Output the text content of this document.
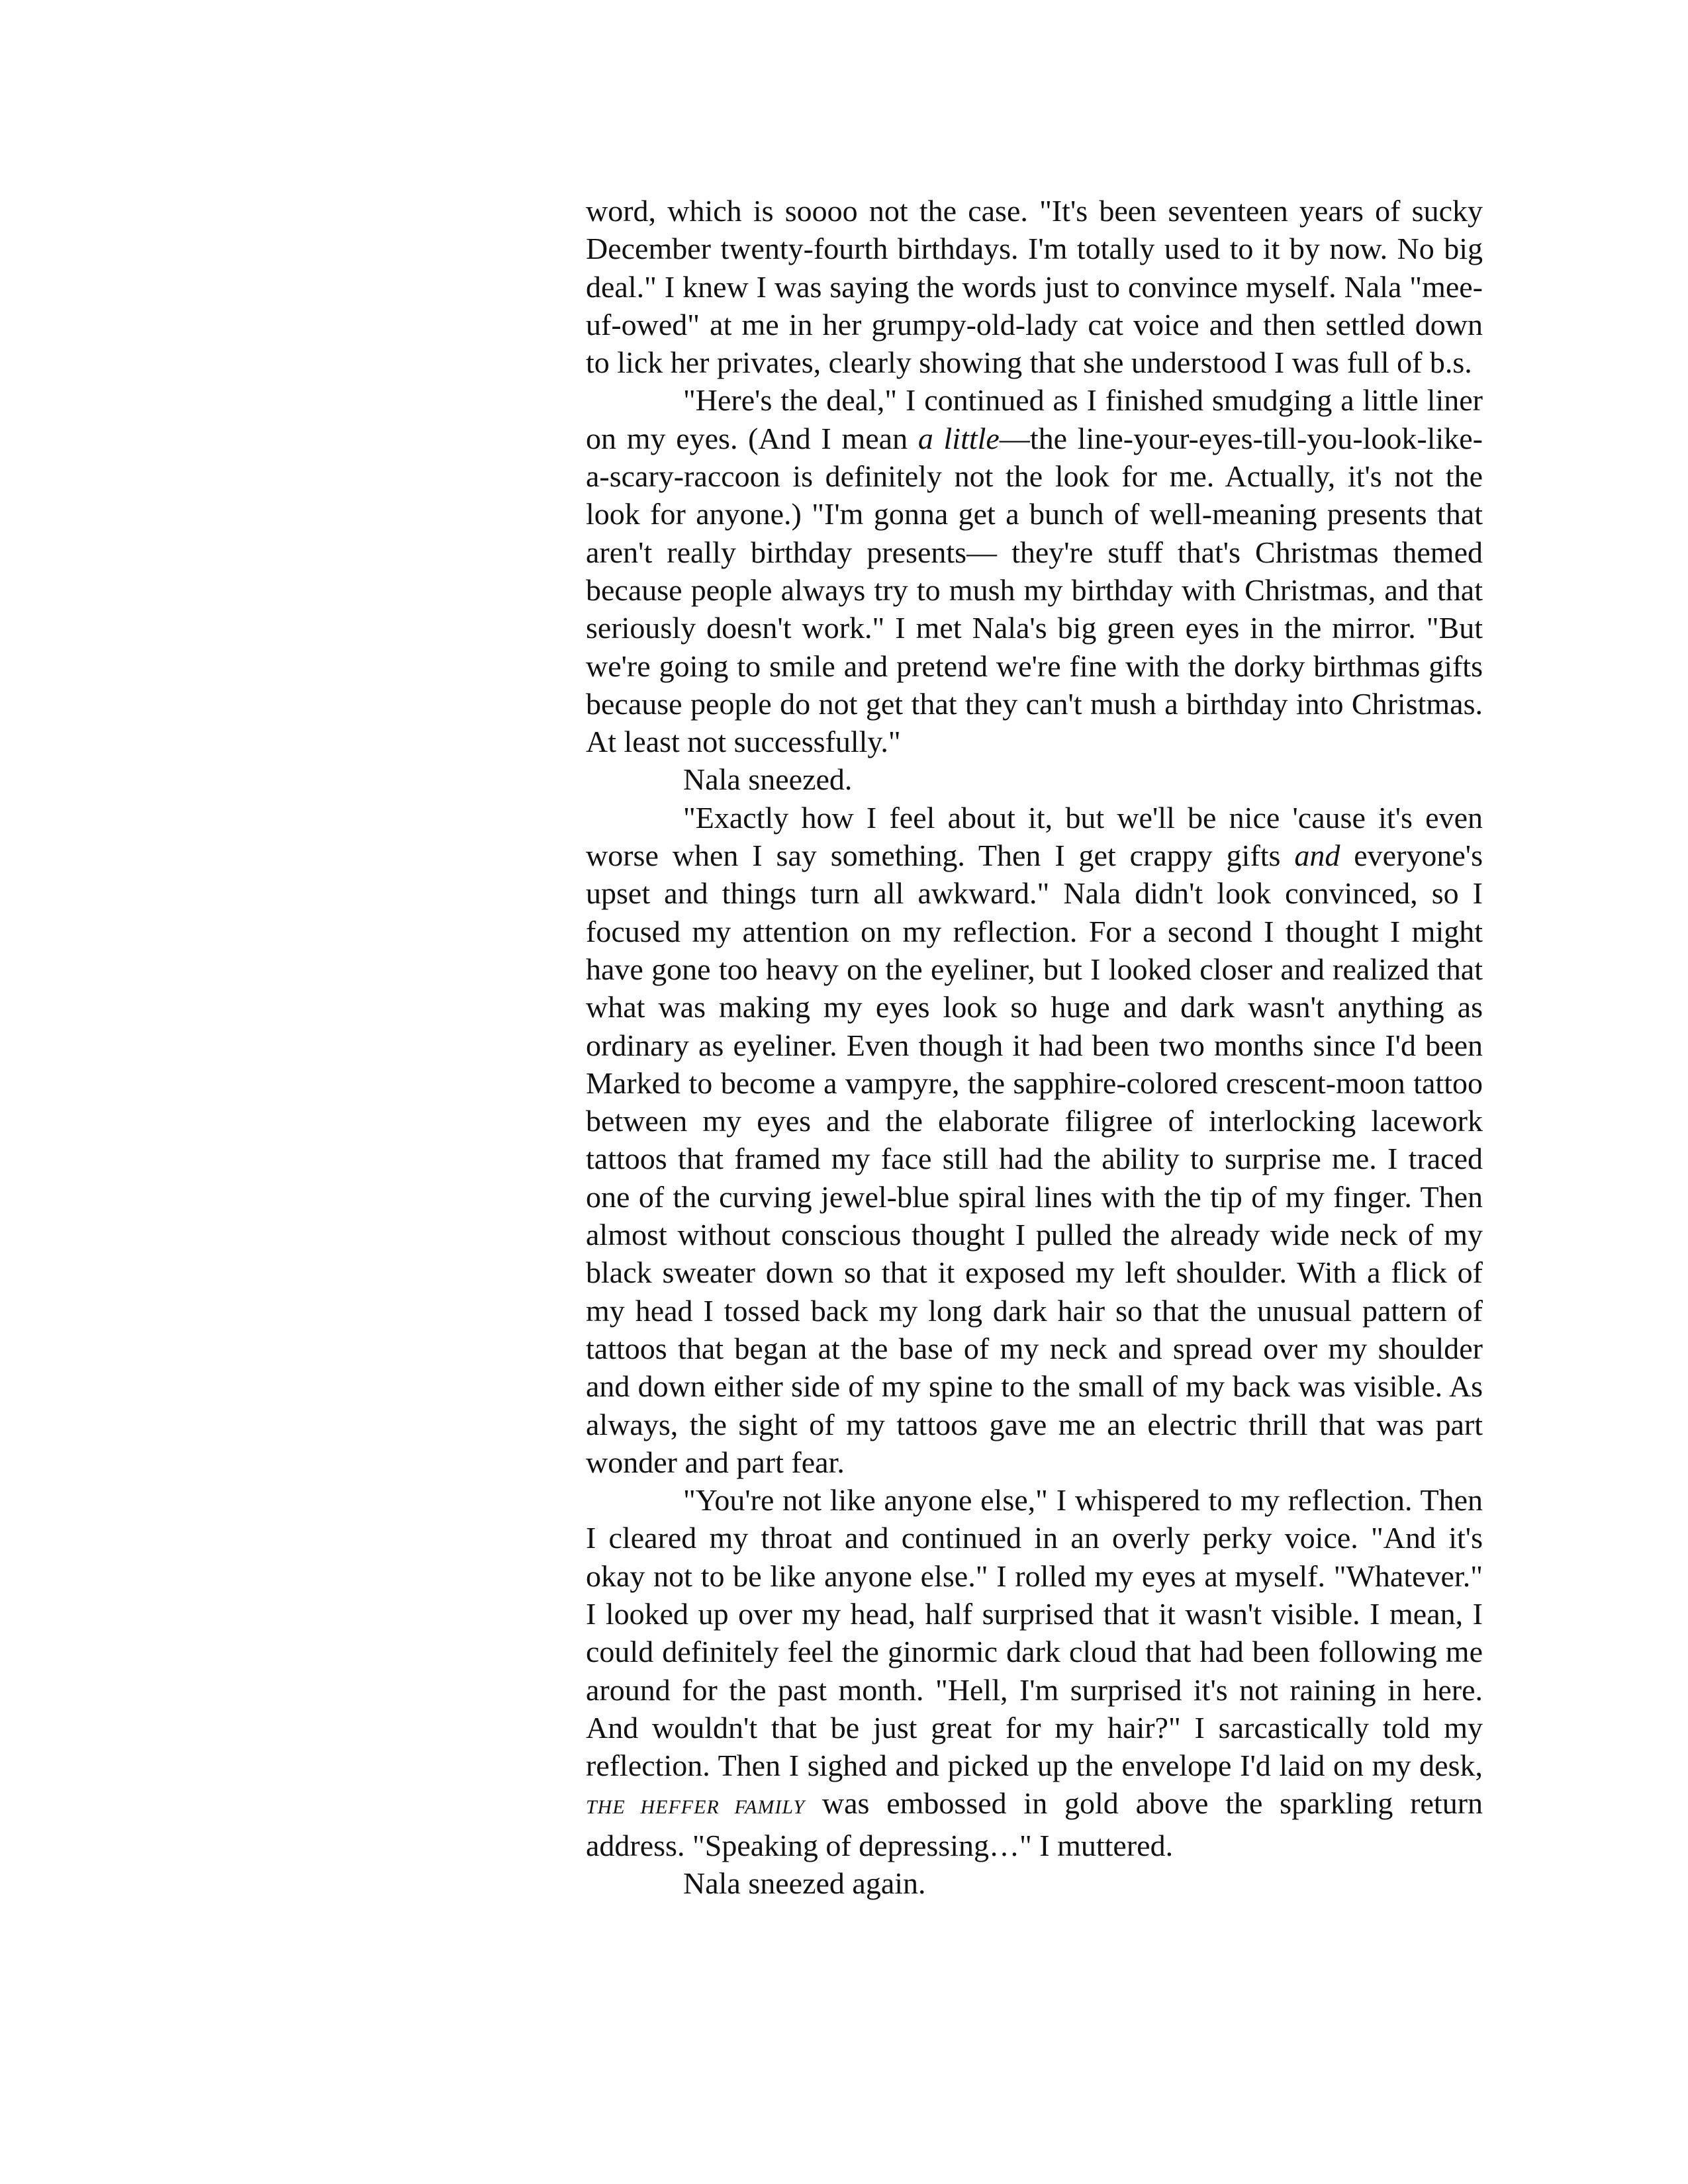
word, which is soooo not the case. "It's been seventeen years of sucky December twenty-fourth birthdays. I'm totally used to it by now. No big deal." I knew I was saying the words just to convince myself. Nala "mee-uf-owed" at me in her grumpy-old-lady cat voice and then settled down to lick her privates, clearly showing that she understood I was full of b.s.

"Here's the deal," I continued as I finished smudging a little liner on my eyes. (And I mean a little—the line-your-eyes-till-you-look-like-a-scary-raccoon is definitely not the look for me. Actually, it's not the look for anyone.) "I'm gonna get a bunch of well-meaning presents that aren't really birthday presents— they're stuff that's Christmas themed because people always try to mush my birthday with Christmas, and that seriously doesn't work." I met Nala's big green eyes in the mirror. "But we're going to smile and pretend we're fine with the dorky birthmas gifts because people do not get that they can't mush a birthday into Christmas. At least not successfully."

Nala sneezed.

"Exactly how I feel about it, but we'll be nice 'cause it's even worse when I say something. Then I get crappy gifts and everyone's upset and things turn all awkward." Nala didn't look convinced, so I focused my attention on my reflection. For a second I thought I might have gone too heavy on the eyeliner, but I looked closer and realized that what was making my eyes look so huge and dark wasn't anything as ordinary as eyeliner. Even though it had been two months since I'd been Marked to become a vampyre, the sapphire-colored crescent-moon tattoo between my eyes and the elaborate filigree of interlocking lacework tattoos that framed my face still had the ability to surprise me. I traced one of the curving jewel-blue spiral lines with the tip of my finger. Then almost without conscious thought I pulled the already wide neck of my black sweater down so that it exposed my left shoulder. With a flick of my head I tossed back my long dark hair so that the unusual pattern of tattoos that began at the base of my neck and spread over my shoulder and down either side of my spine to the small of my back was visible. As always, the sight of my tattoos gave me an electric thrill that was part wonder and part fear.

"You're not like anyone else," I whispered to my reflection. Then I cleared my throat and continued in an overly perky voice. "And it's okay not to be like anyone else." I rolled my eyes at myself. "Whatever." I looked up over my head, half surprised that it wasn't visible. I mean, I could definitely feel the ginormic dark cloud that had been following me around for the past month. "Hell, I'm surprised it's not raining in here. And wouldn't that be just great for my hair?" I sarcastically told my reflection. Then I sighed and picked up the envelope I'd laid on my desk, THE HEFFER FAMILY was embossed in gold above the sparkling return address. "Speaking of depressing…" I muttered.

Nala sneezed again.
